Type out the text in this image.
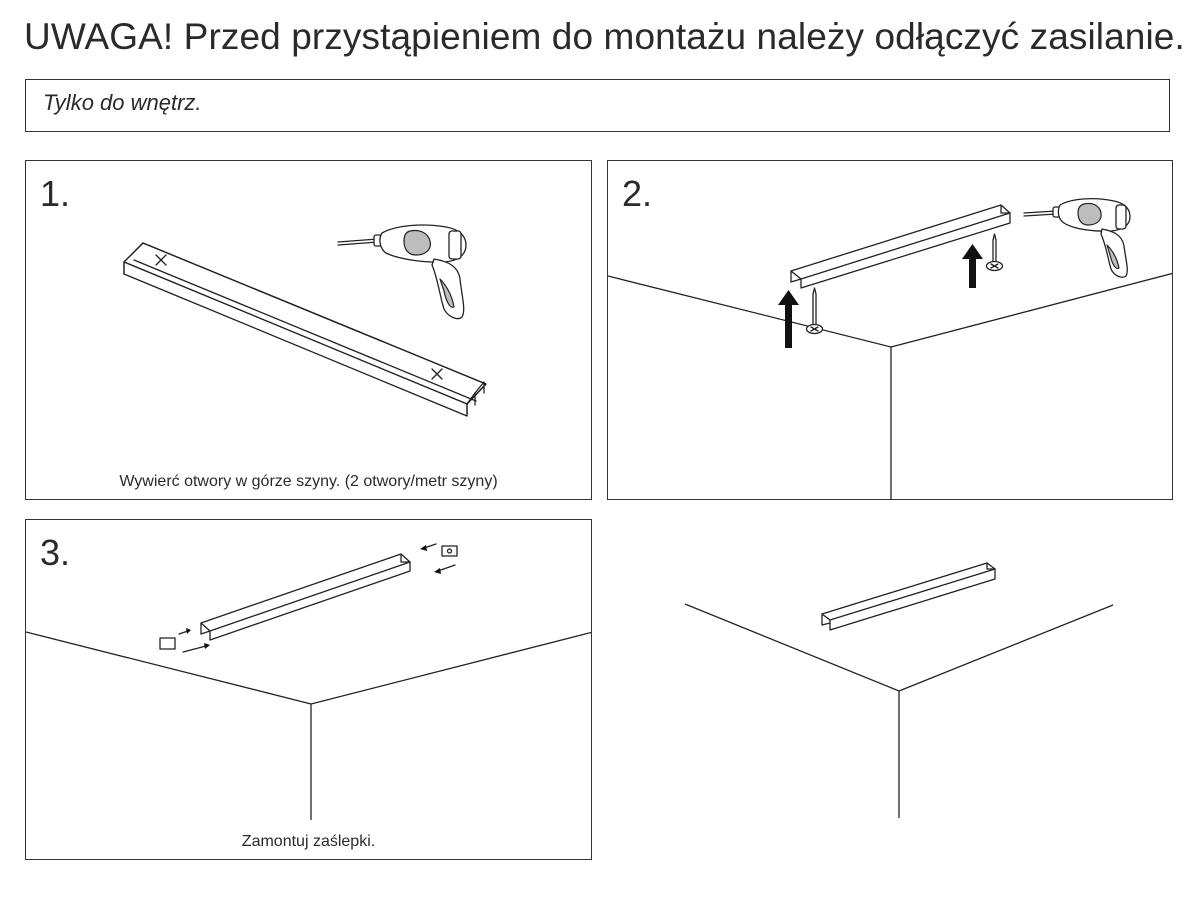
UWAGA! Przed przystąpieniem do montażu należy odłączyć zasilanie.
Tylko do wnętrz.
1.
Wywierć otwory w górze szyny. (2 otwory/metr szyny)
2.
3.
Zamontuj zaślepki.
